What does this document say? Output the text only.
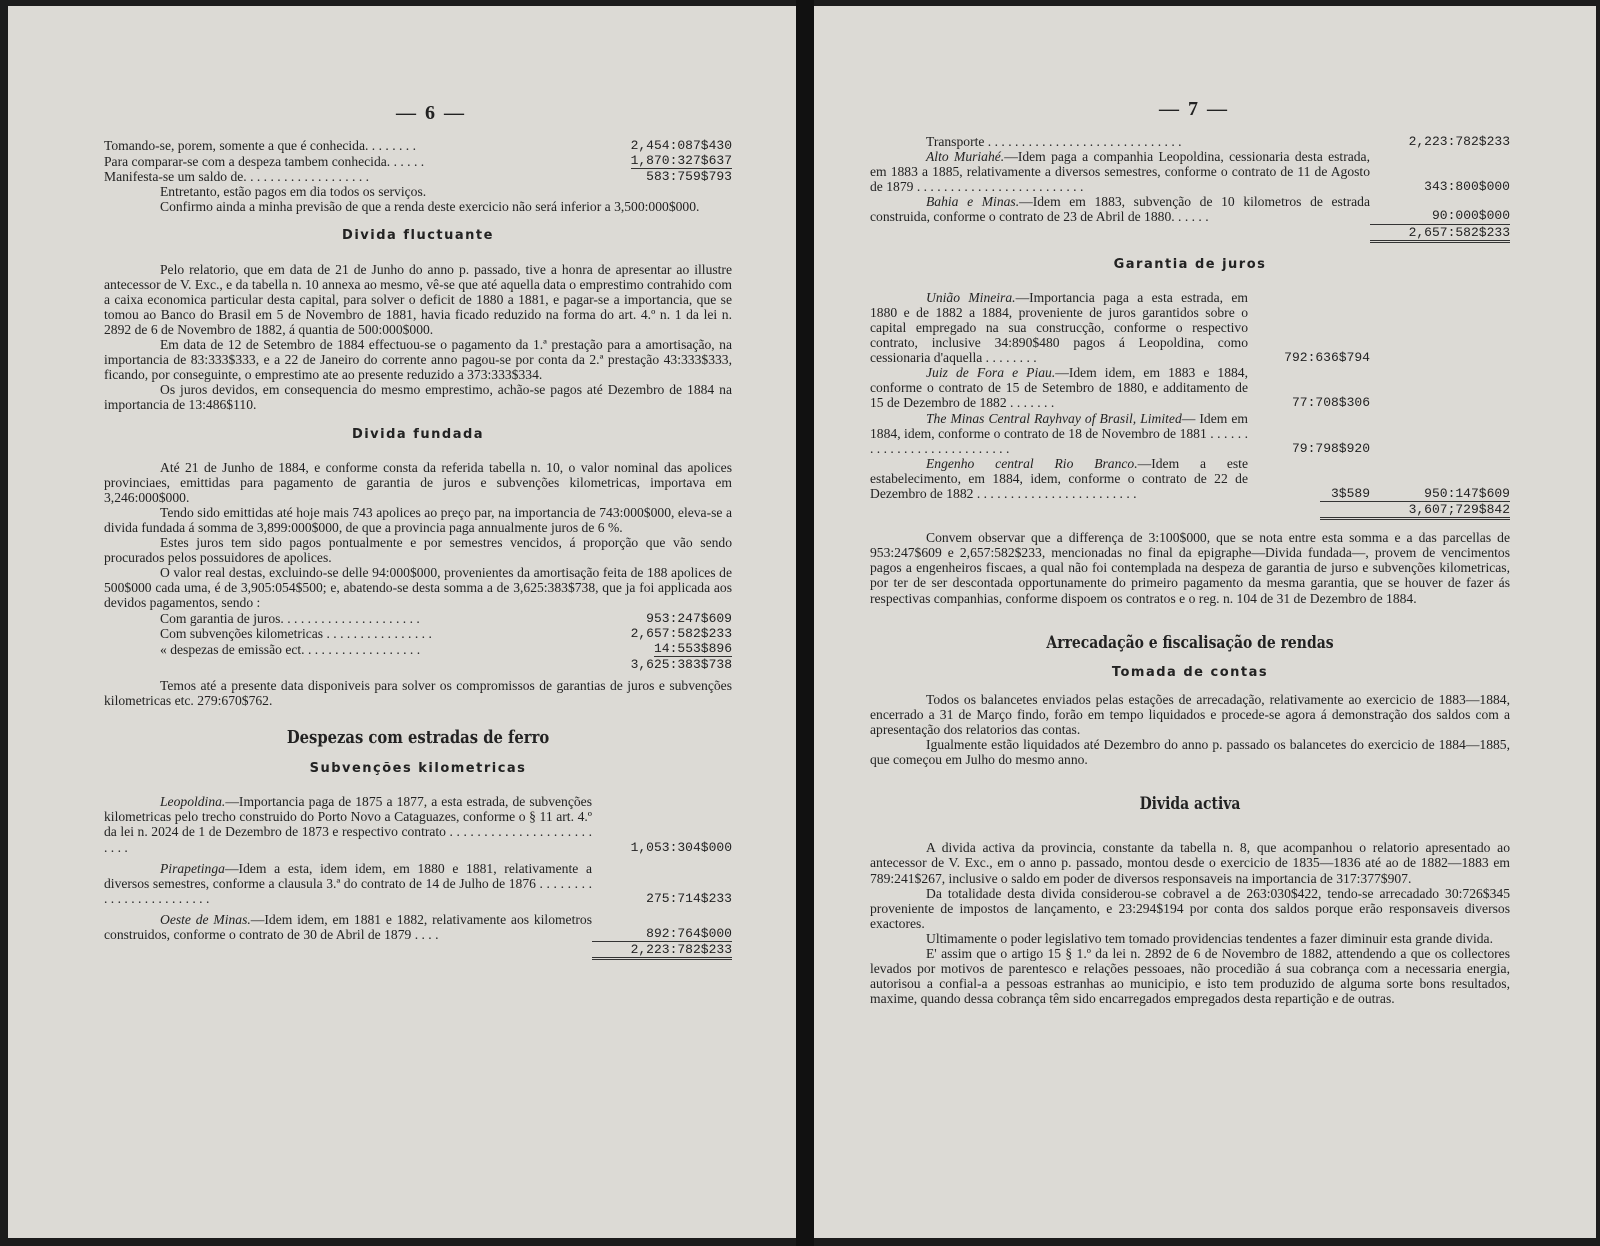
— 6 —
Tomando-se, porem, somente a que é conhecida. . . . . . . .	2,454:087$430
Para comparar-se com a despeza tambem conhecida. . . . . .	1,870:327$637
Manifesta-se um saldo de. . . . . . . . . . . . . . . . . . .	583:759$793

Entretanto, estão pagos em dia todos os serviços.

Confirmo ainda a minha previsão de que a renda deste exercicio não será inferior a 3,500:000$000.

Divida fluctuante

Pelo relatorio, que em data de 21 de Junho do anno p. passado, tive a honra de apresentar ao illustre antecessor de V. Exc., e da tabella n. 10 annexa ao mesmo, vê-se que até aquella data o emprestimo contrahido com a caixa economica particular desta capital, para solver o deficit de 1880 a 1881, e pagar-se a importancia, que se tomou ao Banco do Brasil em 5 de Novembro de 1881, havia ficado reduzido na forma do art. 4.º n. 1 da lei n. 2892 de 6 de Novembro de 1882, á quantia de 500:000$000.

Em data de 12 de Setembro de 1884 effectuou-se o pagamento da 1.ª prestação para a amortisação, na importancia de 83:333$333, e a 22 de Janeiro do corrente anno pagou-se por conta da 2.ª prestação 43:333$333, ficando, por conseguinte, o emprestimo ate ao presente reduzido a 373:333$334.

Os juros devidos, em consequencia do mesmo emprestimo, achão-se pagos até Dezembro de 1884 na importancia de 13:486$110.

Divida fundada

Até 21 de Junho de 1884, e conforme consta da referida tabella n. 10, o valor nominal das apolices provinciaes, emittidas para pagamento de garantia de juros e subvenções kilometricas, importava em 3,246:000$000.

Tendo sido emittidas até hoje mais 743 apolices ao preço par, na importancia de 743:000$000, eleva-se a divida fundada á somma de 3,899:000$000, de que a provincia paga annualmente juros de 6 %.

Estes juros tem sido pagos pontualmente e por semestres vencidos, á proporção que vão sendo procurados pelos possuidores de apolices.

O valor real destas, excluindo-se delle 94:000$000, provenientes da amortisação feita de 188 apolices de 500$000 cada uma, é de 3,905:054$500; e, abatendo-se desta somma a de 3,625:383$738, que ja foi applicada aos devidos pagamentos, sendo :

Com garantia de juros. . . . . . . . . . . . . . . . . . . . .	953:247$609
Com subvenções kilometricas . . . . . . . . . . . . . . . .	2,657:582$233
« despezas de emissão ect. . . . . . . . . . . . . . . . . .	14:553$896
3,625:383$738

Temos até a presente data disponiveis para solver os compromissos de garantias de juros e subvenções kilometricas etc. 279:670$762.

Despezas com estradas de ferro
Subvenções kilometricas

Leopoldina.—Importancia paga de 1875 a 1877, a esta estrada, de subvenções kilometricas pelo trecho construido do Porto Novo a Cataguazes, conforme o § 11 art. 4.º da lei n. 2024 de 1 de Dezembro de 1873 e respectivo contrato . . . . . . . . . . . . . . . . . . . . . . . . .	1,053:304$000

Pirapetinga—Idem a esta, idem idem, em 1880 e 1881, relativamente a diversos semestres, conforme a clausula 3.ª do contrato de 14 de Julho de 1876 . . . . . . . . . . . . . . . . . . . . . . . .	275:714$233

Oeste de Minas.—Idem idem, em 1881 e 1882, relativamente aos kilometros construidos, conforme o contrato de 30 de Abril de 1879 . . . .	892:764$000
2,223:782$233
— 7 —
Transporte . . . . . . . . . . . . . . . . . . . . . . . . . . . . .	2,223:782$233

Alto Muriahé.—Idem paga a companhia Leopoldina, cessionaria desta estrada, em 1883 a 1885, relativamente a diversos semestres, conforme o contrato de 11 de Agosto de 1879 . . . . . . . . . . . . . . . . . . . . . . . . .	343:800$000

Bahia e Minas.—Idem em 1883, subvenção de 10 kilometros de estrada construida, conforme o contrato de 23 de Abril de 1880. . . . . .	90:000$000
2,657:582$233
Garantia de juros

União Mineira.—Importancia paga a esta estrada, em 1880 e de 1882 a 1884, proveniente de juros garantidos sobre o capital empregado na sua construcção, conforme o respectivo contrato, inclusive 34:890$480 pagos á Leopoldina, como cessionaria d'aquella . . . . . . . .	792:636$794

Juiz de Fora e Piau.—Idem idem, em 1883 e 1884, conforme o contrato de 15 de Setembro de 1880, e additamento de 15 de Dezembro de 1882 . . . . . . .	77:708$306

The Minas Central Rayhvay of Brasil, Limited— Idem em 1884, idem, conforme o contrato de 18 de Novembro de 1881 . . . . . . . . . . . . . . . . . . . . . . . . . . .	79:798$920

Engenho central Rio Branco.—Idem a este estabelecimento, em 1884, idem, conforme o contrato de 22 de Dezembro de 1882 . . . . . . . . . . . . . . . . . . . . . . . .	3$589	950:147$609
3,607;729$842

Convem observar que a differença de 3:100$000, que se nota entre esta somma e a das parcellas de 953:247$609 e 2,657:582$233, mencionadas no final da epigraphe—Divida fundada—, provem de vencimentos pagos a engenheiros fiscaes, a qual não foi contemplada na despeza de garantia de jurso e subvenções kilometricas, por ter de ser descontada opportunamente do primeiro pagamento da mesma garantia, que se houver de fazer ás respectivas companhias, conforme dispoem os contratos e o reg. n. 104 de 31 de Dezembro de 1884.

Arrecadação e fiscalisação de rendas
Tomada de contas

Todos os balancetes enviados pelas estações de arrecadação, relativamente ao exercicio de 1883—1884, encerrado a 31 de Março findo, forão em tempo liquidados e procede-se agora á demonstração dos saldos com a apresentação dos relatorios das contas.

Igualmente estão liquidados até Dezembro do anno p. passado os balancetes do exercicio de 1884—1885, que começou em Julho do mesmo anno.

Divida activa

A divida activa da provincia, constante da tabella n. 8, que acompanhou o relatorio apresentado ao antecessor de V. Exc., em o anno p. passado, montou desde o exercicio de 1835—1836 até ao de 1882—1883 em 789:241$267, inclusive o saldo em poder de diversos responsaveis na importancia de 317:377$907.

Da totalidade desta divida considerou-se cobravel a de 263:030$422, tendo-se arrecadado 30:726$345 proveniente de impostos de lançamento, e 23:294$194 por conta dos saldos porque erão responsaveis diversos exactores.

Ultimamente o poder legislativo tem tomado providencias tendentes a fazer diminuir esta grande divida.

E' assim que o artigo 15 § 1.º da lei n. 2892 de 6 de Novembro de 1882, attendendo a que os collectores levados por motivos de parentesco e relações pessoaes, não procedião á sua cobrança com a necessaria energia, autorisou a confial-a a pessoas estranhas ao municipio, e isto tem produzido de alguma sorte bons resultados, maxime, quando dessa cobrança têm sido encarregados empregados desta repartição e de outras.
